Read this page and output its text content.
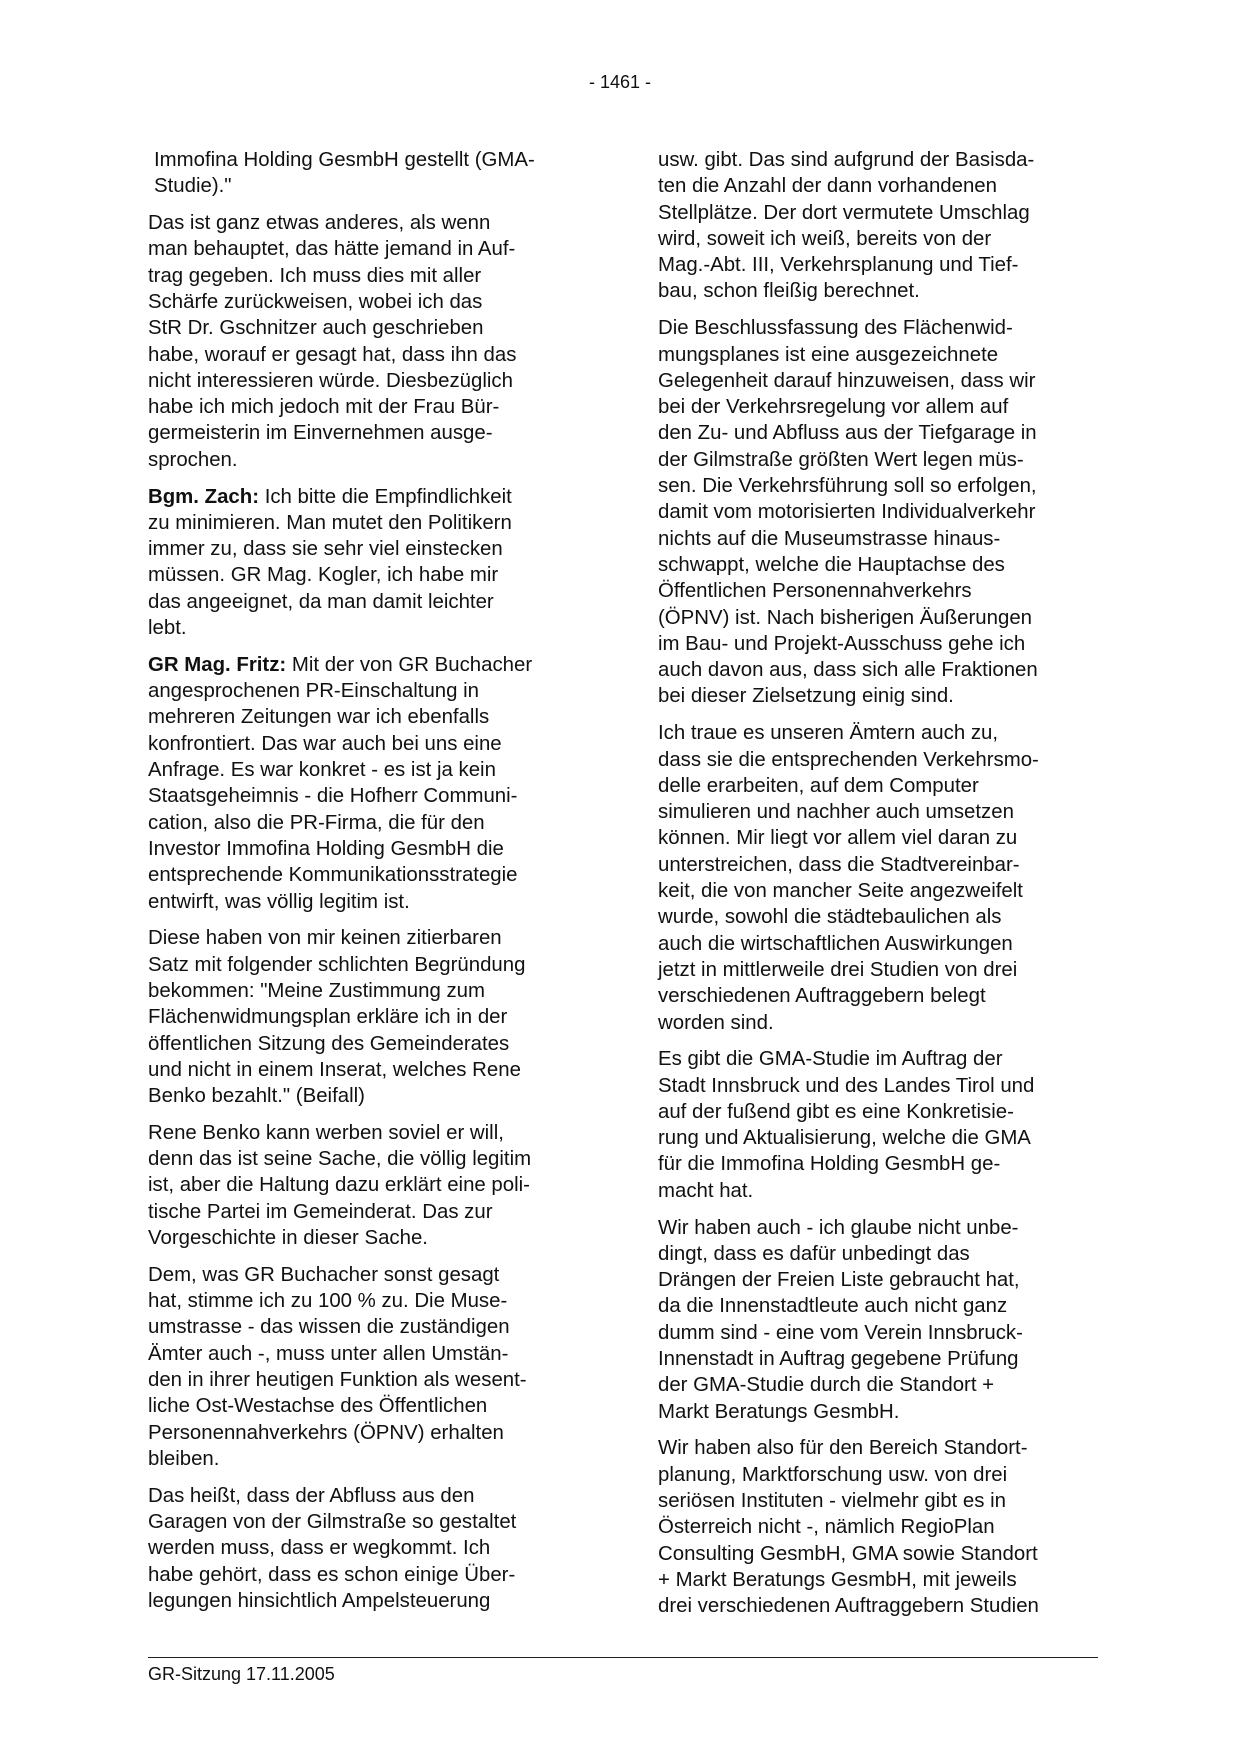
- 1461 -

Immofina Holding GesmbH gestellt (GMA-
Studie)."

Das ist ganz etwas anderes, als wenn
man behauptet, das hätte jemand in Auf-
trag gegeben. Ich muss dies mit aller
Schärfe zurückweisen, wobei ich das
StR Dr. Gschnitzer auch geschrieben
habe, worauf er gesagt hat, dass ihn das
nicht interessieren würde. Diesbezüglich
habe ich mich jedoch mit der Frau Bür-
germeisterin im Einvernehmen ausge-
sprochen.

Bgm. Zach: Ich bitte die Empfindlichkeit
zu minimieren. Man mutet den Politikern
immer zu, dass sie sehr viel einstecken
müssen. GR Mag. Kogler, ich habe mir
das angeeignet, da man damit leichter
lebt.

GR Mag. Fritz: Mit der von GR Buchacher
angesprochenen PR-Einschaltung in
mehreren Zeitungen war ich ebenfalls
konfrontiert. Das war auch bei uns eine
Anfrage. Es war konkret - es ist ja kein
Staatsgeheimnis - die Hofherr Communi-
cation, also die PR-Firma, die für den
Investor Immofina Holding GesmbH die
entsprechende Kommunikationsstrategie
entwirft, was völlig legitim ist.

Diese haben von mir keinen zitierbaren
Satz mit folgender schlichten Begründung
bekommen: "Meine Zustimmung zum
Flächenwidmungsplan erkläre ich in der
öffentlichen Sitzung des Gemeinderates
und nicht in einem Inserat, welches Rene
Benko bezahlt." (Beifall)

Rene Benko kann werben soviel er will,
denn das ist seine Sache, die völlig legitim
ist, aber die Haltung dazu erklärt eine poli-
tische Partei im Gemeinderat. Das zur
Vorgeschichte in dieser Sache.

Dem, was GR Buchacher sonst gesagt
hat, stimme ich zu 100 % zu. Die Muse-
umstrasse - das wissen die zuständigen
Ämter auch -, muss unter allen Umstän-
den in ihrer heutigen Funktion als wesent-
liche Ost-Westachse des Öffentlichen
Personennahverkehrs (ÖPNV) erhalten
bleiben.

Das heißt, dass der Abfluss aus den
Garagen von der Gilmstraße so gestaltet
werden muss, dass er wegkommt. Ich
habe gehört, dass es schon einige Über-
legungen hinsichtlich Ampelsteuerung

usw. gibt. Das sind aufgrund der Basisda-
ten die Anzahl der dann vorhandenen
Stellplätze. Der dort vermutete Umschlag
wird, soweit ich weiß, bereits von der
Mag.-Abt. III, Verkehrsplanung und Tief-
bau, schon fleißig berechnet.

Die Beschlussfassung des Flächenwid-
mungsplanes ist eine ausgezeichnete
Gelegenheit darauf hinzuweisen, dass wir
bei der Verkehrsregelung vor allem auf
den Zu- und Abfluss aus der Tiefgarage in
der Gilmstraße größten Wert legen müs-
sen. Die Verkehrsführung soll so erfolgen,
damit vom motorisierten Individualverkehr
nichts auf die Museumstrasse hinaus-
schwappt, welche die Hauptachse des
Öffentlichen Personennahverkehrs
(ÖPNV) ist. Nach bisherigen Äußerungen
im Bau- und Projekt-Ausschuss gehe ich
auch davon aus, dass sich alle Fraktionen
bei dieser Zielsetzung einig sind.

Ich traue es unseren Ämtern auch zu,
dass sie die entsprechenden Verkehrsmo-
delle erarbeiten, auf dem Computer
simulieren und nachher auch umsetzen
können. Mir liegt vor allem viel daran zu
unterstreichen, dass die Stadtvereinbar-
keit, die von mancher Seite angezweifelt
wurde, sowohl die städtebaulichen als
auch die wirtschaftlichen Auswirkungen
jetzt in mittlerweile drei Studien von drei
verschiedenen Auftraggebern belegt
worden sind.

Es gibt die GMA-Studie im Auftrag der
Stadt Innsbruck und des Landes Tirol und
auf der fußend gibt es eine Konkretisie-
rung und Aktualisierung, welche die GMA
für die Immofina Holding GesmbH ge-
macht hat.

Wir haben auch - ich glaube nicht unbe-
dingt, dass es dafür unbedingt das
Drängen der Freien Liste gebraucht hat,
da die Innenstadtleute auch nicht ganz
dumm sind - eine vom Verein Innsbruck-
Innenstadt in Auftrag gegebene Prüfung
der GMA-Studie durch die Standort +
Markt Beratungs GesmbH.

Wir haben also für den Bereich Standort-
planung, Marktforschung usw. von drei
seriösen Instituten - vielmehr gibt es in
Österreich nicht -, nämlich RegioPlan
Consulting GesmbH, GMA sowie Standort
+ Markt Beratungs GesmbH, mit jeweils
drei verschiedenen Auftraggebern Studien

GR-Sitzung 17.11.2005
